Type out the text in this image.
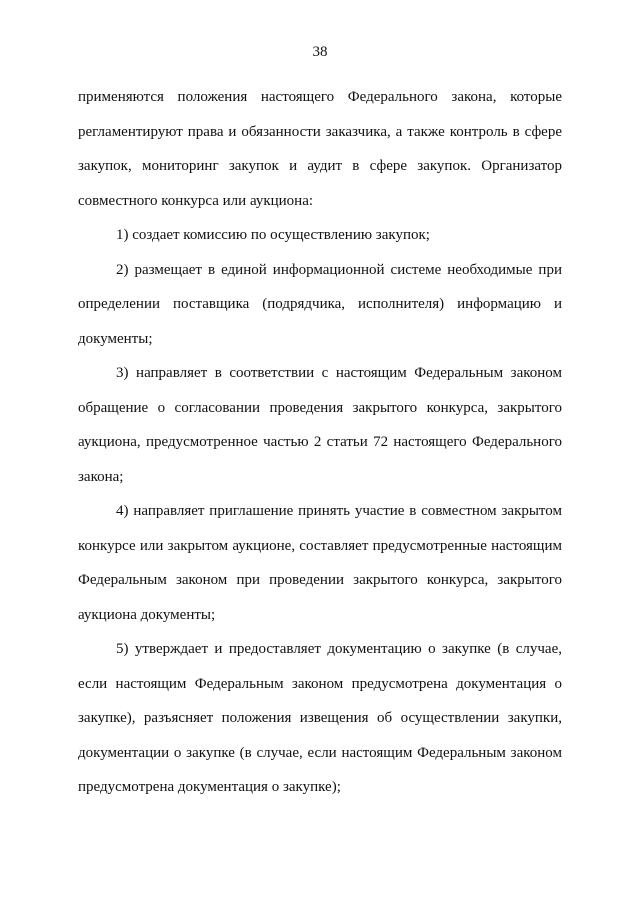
38

применяются положения настоящего Федерального закона, которые регламентируют права и обязанности заказчика, а также контроль в сфере закупок, мониторинг закупок и аудит в сфере закупок. Организатор совместного конкурса или аукциона:

1) создает комиссию по осуществлению закупок;

2) размещает в единой информационной системе необходимые при определении поставщика (подрядчика, исполнителя) информацию и документы;

3) направляет в соответствии с настоящим Федеральным законом обращение о согласовании проведения закрытого конкурса, закрытого аукциона, предусмотренное частью 2 статьи 72 настоящего Федерального закона;

4) направляет приглашение принять участие в совместном закрытом конкурсе или закрытом аукционе, составляет предусмотренные настоящим Федеральным законом при проведении закрытого конкурса, закрытого аукциона документы;

5) утверждает и предоставляет документацию о закупке (в случае, если настоящим Федеральным законом предусмотрена документация о закупке), разъясняет положения извещения об осуществлении закупки, документации о закупке (в случае, если настоящим Федеральным законом предусмотрена документация о закупке);
